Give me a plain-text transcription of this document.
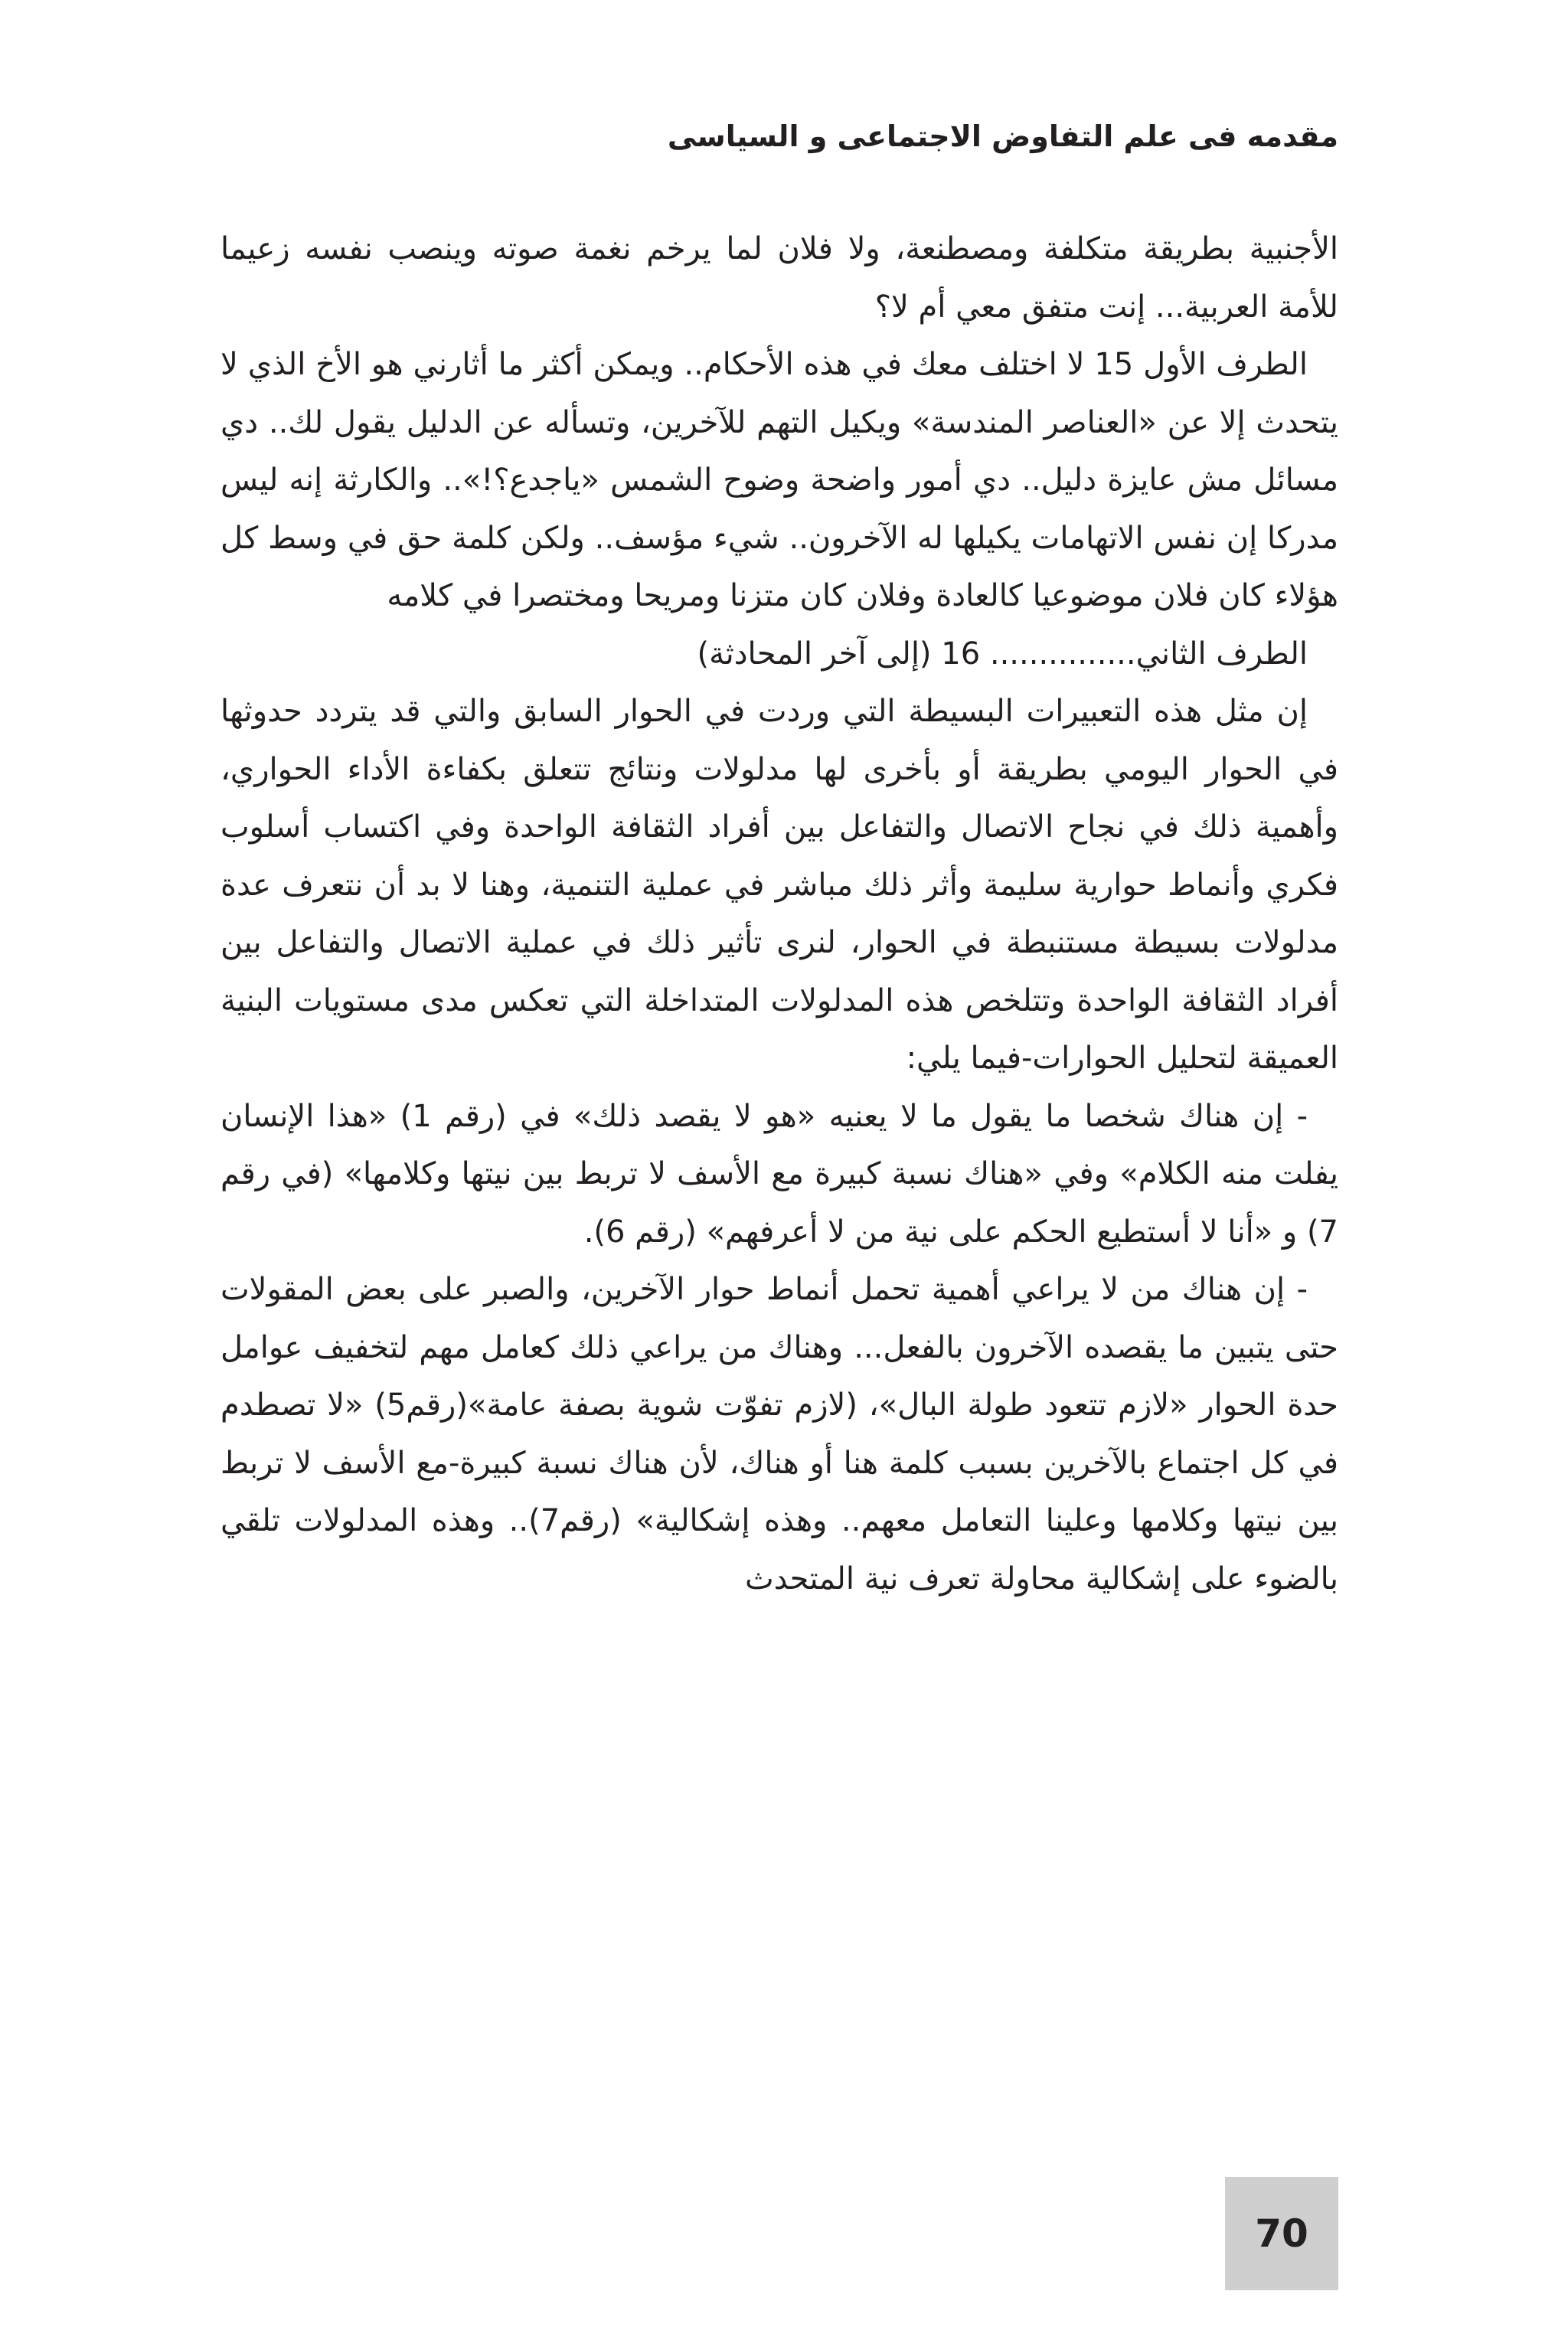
مقدمه فى علم التفاوض الاجتماعى و السياسى

الأجنبية بطريقة متكلفة ومصطنعة، ولا فلان لما يرخم نغمة صوته وينصب نفسه زعيما للأمة العربية... إنت متفق معي أم لا؟

الطرف الأول 15 لا اختلف معك في هذه الأحكام.. ويمكن أكثر ما أثارني هو الأخ الذي لا يتحدث إلا عن «العناصر المندسة» ويكيل التهم للآخرين، وتسأله عن الدليل يقول لك.. دي مسائل مش عايزة دليل.. دي أمور واضحة وضوح الشمس «ياجدع؟!».. والكارثة إنه ليس مدركا إن نفس الاتهامات يكيلها له الآخرون.. شيء مؤسف.. ولكن كلمة حق في وسط كل هؤلاء كان فلان موضوعيا كالعادة وفلان كان متزنا ومريحا ومختصرا في كلامه

الطرف الثاني............... 16 (إلى آخر المحادثة)

إن مثل هذه التعبيرات البسيطة التي وردت في الحوار السابق والتي قد يتردد حدوثها في الحوار اليومي بطريقة أو بأخرى لها مدلولات ونتائج تتعلق بكفاءة الأداء الحواري، وأهمية ذلك في نجاح الاتصال والتفاعل بين أفراد الثقافة الواحدة وفي اكتساب أسلوب فكري وأنماط حوارية سليمة وأثر ذلك مباشر في عملية التنمية، وهنا لا بد أن نتعرف عدة مدلولات بسيطة مستنبطة في الحوار، لنرى تأثير ذلك في عملية الاتصال والتفاعل بين أفراد الثقافة الواحدة وتتلخص هذه المدلولات المتداخلة التي تعكس مدى مستويات البنية العميقة لتحليل الحوارات-فيما يلي:

- إن هناك شخصا ما يقول ما لا يعنيه «هو لا يقصد ذلك» في (رقم 1) «هذا الإنسان يفلت منه الكلام» وفي «هناك نسبة كبيرة مع الأسف لا تربط بين نيتها وكلامها» (في رقم 7) و «أنا لا أستطيع الحكم على نية من لا أعرفهم» (رقم 6).

- إن هناك من لا يراعي أهمية تحمل أنماط حوار الآخرين، والصبر على بعض المقولات حتى يتبين ما يقصده الآخرون بالفعل... وهناك من يراعي ذلك كعامل مهم لتخفيف عوامل حدة الحوار «لازم تتعود طولة البال»، (لازم تفوّت شوية بصفة عامة»(رقم5) «لا تصطدم في كل اجتماع بالآخرين بسبب كلمة هنا أو هناك، لأن هناك نسبة كبيرة-مع الأسف لا تربط بين نيتها وكلامها وعلينا التعامل معهم.. وهذه إشكالية» (رقم7).. وهذه المدلولات تلقي بالضوء على إشكالية محاولة تعرف نية المتحدث

70
